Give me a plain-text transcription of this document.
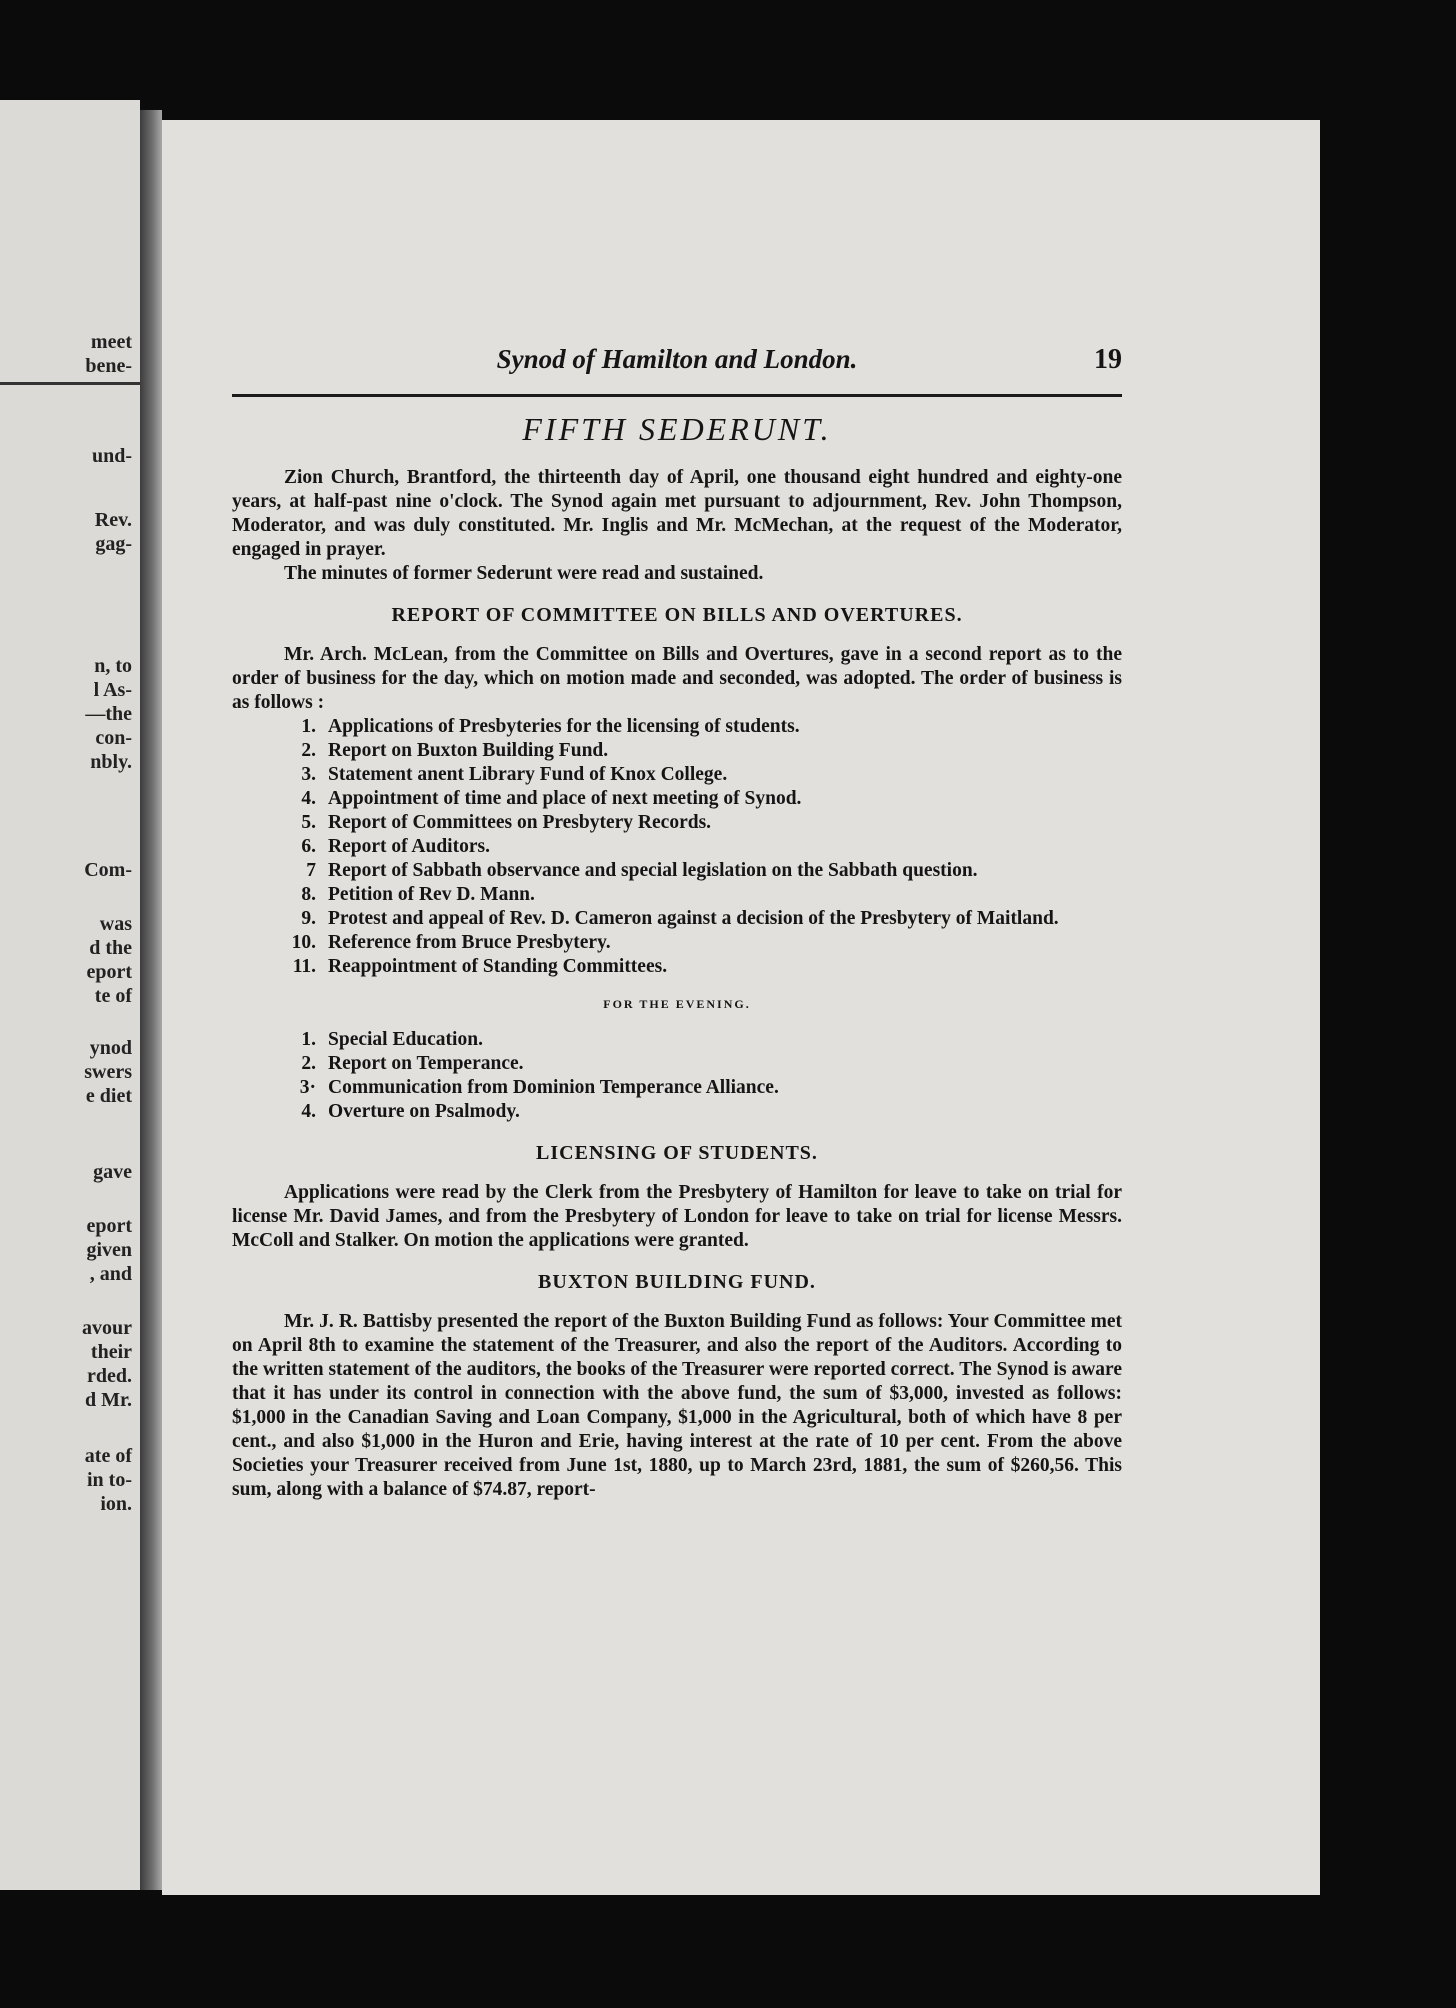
meet
bene-
und-
Rev.
gag-
n, to
l As-
—the
con-
nbly.
Com-
was
d the
eport
te of
ynod
swers
e diet
gave
eport
given
, and
avour
their
rded.
d Mr.
ate of
in to-
ion.
Synod of Hamilton and London.	19
FIFTH SEDERUNT.

Zion Church, Brantford, the thirteenth day of April, one thousand eight hundred and eighty-one years, at half-past nine o'clock. The Synod again met pursuant to adjournment, Rev. John Thompson, Moderator, and was duly constituted. Mr. Inglis and Mr. McMechan, at the request of the Moderator, engaged in prayer.

The minutes of former Sederunt were read and sustained.

REPORT OF COMMITTEE ON BILLS AND OVERTURES.

Mr. Arch. McLean, from the Committee on Bills and Overtures, gave in a second report as to the order of business for the day, which on motion made and seconded, was adopted. The order of business is as follows :

1. Applications of Presbyteries for the licensing of students.
2. Report on Buxton Building Fund.
3. Statement anent Library Fund of Knox College.
4. Appointment of time and place of next meeting of Synod.
5. Report of Committees on Presbytery Records.
6. Report of Auditors.
7 Report of Sabbath observance and special legislation on the Sabbath question.
8. Petition of Rev D. Mann.
9. Protest and appeal of Rev. D. Cameron against a decision of the Presbytery of Maitland.
10. Reference from Bruce Presbytery.
11. Reappointment of Standing Committees.
FOR THE EVENING.
1. Special Education.
2. Report on Temperance.
3· Communication from Dominion Temperance Alliance.
4. Overture on Psalmody.
LICENSING OF STUDENTS.

Applications were read by the Clerk from the Presbytery of Hamilton for leave to take on trial for license Mr. David James, and from the Presbytery of London for leave to take on trial for license Messrs. McColl and Stalker. On motion the applications were granted.

BUXTON BUILDING FUND.

Mr. J. R. Battisby presented the report of the Buxton Building Fund as follows: Your Committee met on April 8th to examine the statement of the Treasurer, and also the report of the Auditors. According to the written statement of the auditors, the books of the Treasurer were reported correct. The Synod is aware that it has under its control in connection with the above fund, the sum of $3,000, invested as follows: $1,000 in the Canadian Saving and Loan Company, $1,000 in the Agricultural, both of which have 8 per cent., and also $1,000 in the Huron and Erie, having interest at the rate of 10 per cent. From the above Societies your Treasurer received from June 1st, 1880, up to March 23rd, 1881, the sum of $260,56. This sum, along with a balance of $74.87, report-
